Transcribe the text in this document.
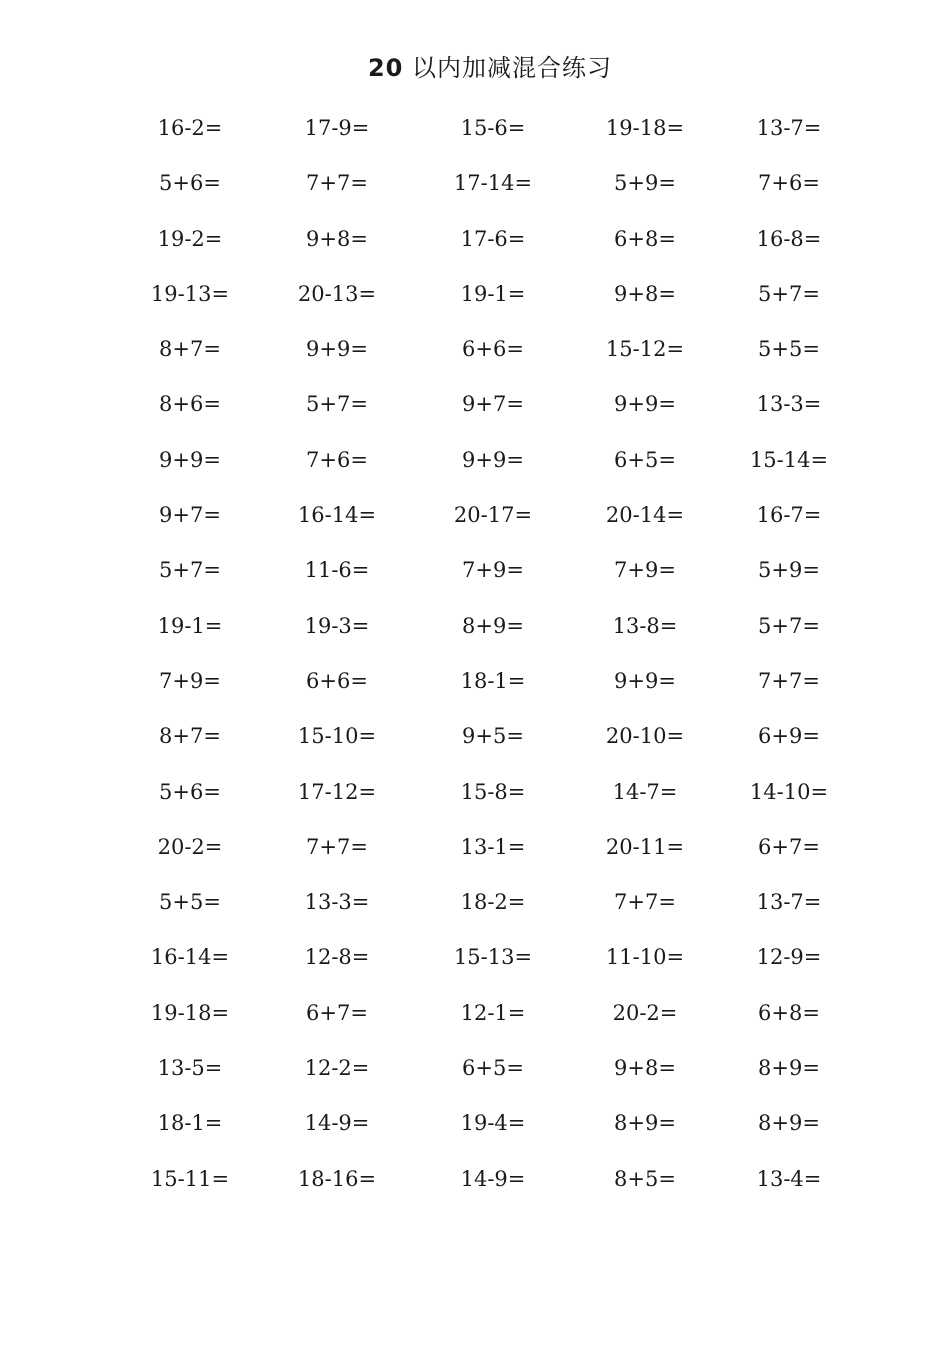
20 以内加减混合练习
16-2=	17-9=	15-6=	19-18=	13-7=
5+6=	7+7=	17-14=	5+9=	7+6=
19-2=	9+8=	17-6=	6+8=	16-8=
19-13=	20-13=	19-1=	9+8=	5+7=
8+7=	9+9=	6+6=	15-12=	5+5=
8+6=	5+7=	9+7=	9+9=	13-3=
9+9=	7+6=	9+9=	6+5=	15-14=
9+7=	16-14=	20-17=	20-14=	16-7=
5+7=	11-6=	7+9=	7+9=	5+9=
19-1=	19-3=	8+9=	13-8=	5+7=
7+9=	6+6=	18-1=	9+9=	7+7=
8+7=	15-10=	9+5=	20-10=	6+9=
5+6=	17-12=	15-8=	14-7=	14-10=
20-2=	7+7=	13-1=	20-11=	6+7=
5+5=	13-3=	18-2=	7+7=	13-7=
16-14=	12-8=	15-13=	11-10=	12-9=
19-18=	6+7=	12-1=	20-2=	6+8=
13-5=	12-2=	6+5=	9+8=	8+9=
18-1=	14-9=	19-4=	8+9=	8+9=
15-11=	18-16=	14-9=	8+5=	13-4=
